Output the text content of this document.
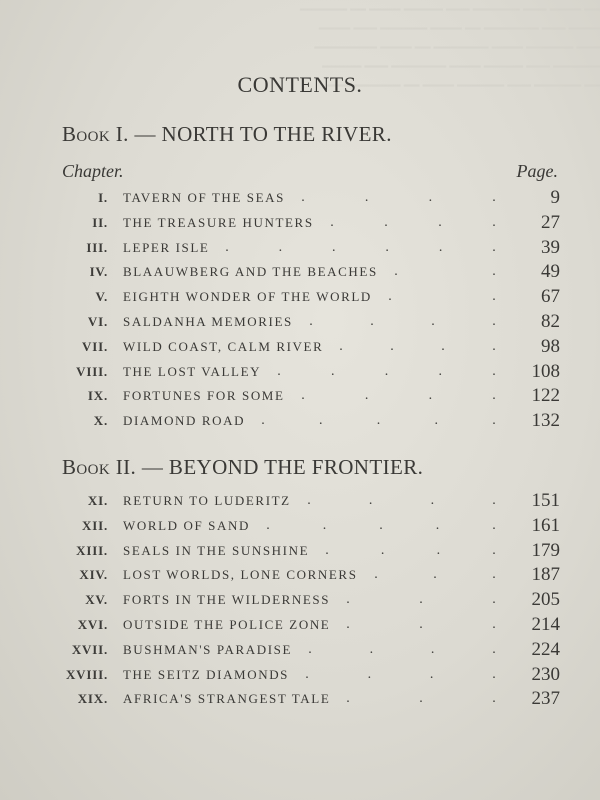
━━ ━━━━ ━━━ ━━━━━━ ━━━ ━━━━━ ━━━━ ━━ ━━━━━━
━━━━ ━━━ ━━━━━━━ ━━ ━━━━ ━━━━━━ ━━━ ━━━━
━━━ ━━━━━━ ━━━━ ━━━━━━━ ━━ ━━━━ ━━━━━━━━
━━━━━━ ━━━ ━━━━━ ━━━━ ━━━━━━━ ━━━ ━━━━━
━━ ━━━━━━ ━━━ ━━━━━━ ━━━━ ━━ ━━━━━━ ━━━
CONTENTS.
Book I. — NORTH TO THE RIVER.
Chapter.	Page.
I. TAVERN OF THE SEAS .	.	.	.	9
II. THE TREASURE HUNTERS .	.	.	. 27
III. LEPER ISLE .	.	.	.	.	. 39
IV. BLAAUWBERG AND THE BEACHES .	. 49
V. EIGHTH WONDER OF THE WORLD .	. 67
VI. SALDANHA MEMORIES .	.	.	. 82
VII. WILD COAST, CALM RIVER .	.	.	. 98
VIII. THE LOST VALLEY .	.	.	.	. 108
IX. FORTUNES FOR SOME .	.	.	. 122
X. DIAMOND ROAD .	.	.	.	. 132
Book II. — BEYOND THE FRONTIER.
XI. RETURN TO LUDERITZ .	.	.	. 151
XII. WORLD OF SAND .	.	.	.	. 161
XIII. SEALS IN THE SUNSHINE .	.	.	. 179
XIV. LOST WORLDS, LONE CORNERS .	.	. 187
XV. FORTS IN THE WILDERNESS .	.	. 205
XVI. OUTSIDE THE POLICE ZONE .	.	. 214
XVII. BUSHMAN'S PARADISE .	.	.	. 224
XVIII. THE SEITZ DIAMONDS .	.	.	. 230
XIX. AFRICA'S STRANGEST TALE .	.	. 237
